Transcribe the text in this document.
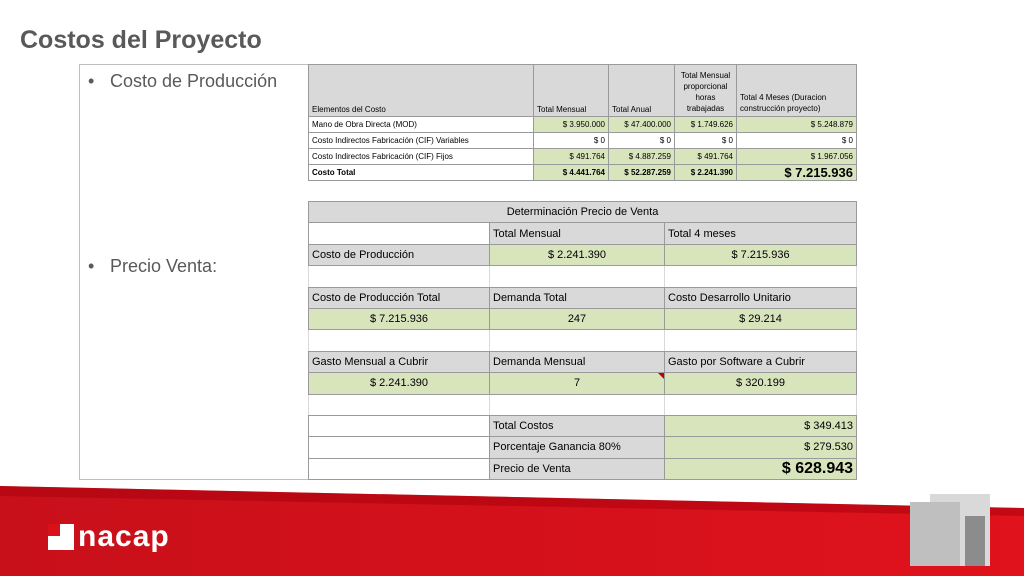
Costos del Proyecto
• Costo de Producción
• Precio Venta:
Elementos del Costo	Total Mensual	Total Anual	Total Mensual proporcional horas trabajadas	Total 4 Meses (Duracion construcción proyecto)
Mano de Obra Directa (MOD)	$ 3.950.000	$ 47.400.000	$ 1.749.626	$ 5.248.879
Costo Indirectos Fabricación (CIF) Variables	$ 0	$ 0	$ 0	$ 0
Costo Indirectos Fabricación (CIF) Fijos	$ 491.764	$ 4.887.259	$ 491.764	$ 1.967.056
Costo Total	$ 4.441.764	$ 52.287.259	$ 2.241.390	$ 7.215.936
Determinación Precio de Venta		
	Total Mensual	Total 4 meses
Costo de Producción	$ 2.241.390	$ 7.215.936

Costo de Producción Total	Demanda Total	Costo Desarrollo Unitario
$ 7.215.936	247	$ 29.214

Gasto Mensual a Cubrir	Demanda Mensual	Gasto por Software a Cubrir
$ 2.241.390	7	$ 320.199

	Total Costos	$ 349.413
	Porcentaje Ganancia 80%	$ 279.530
	Precio de Venta	$ 628.943
nacap
